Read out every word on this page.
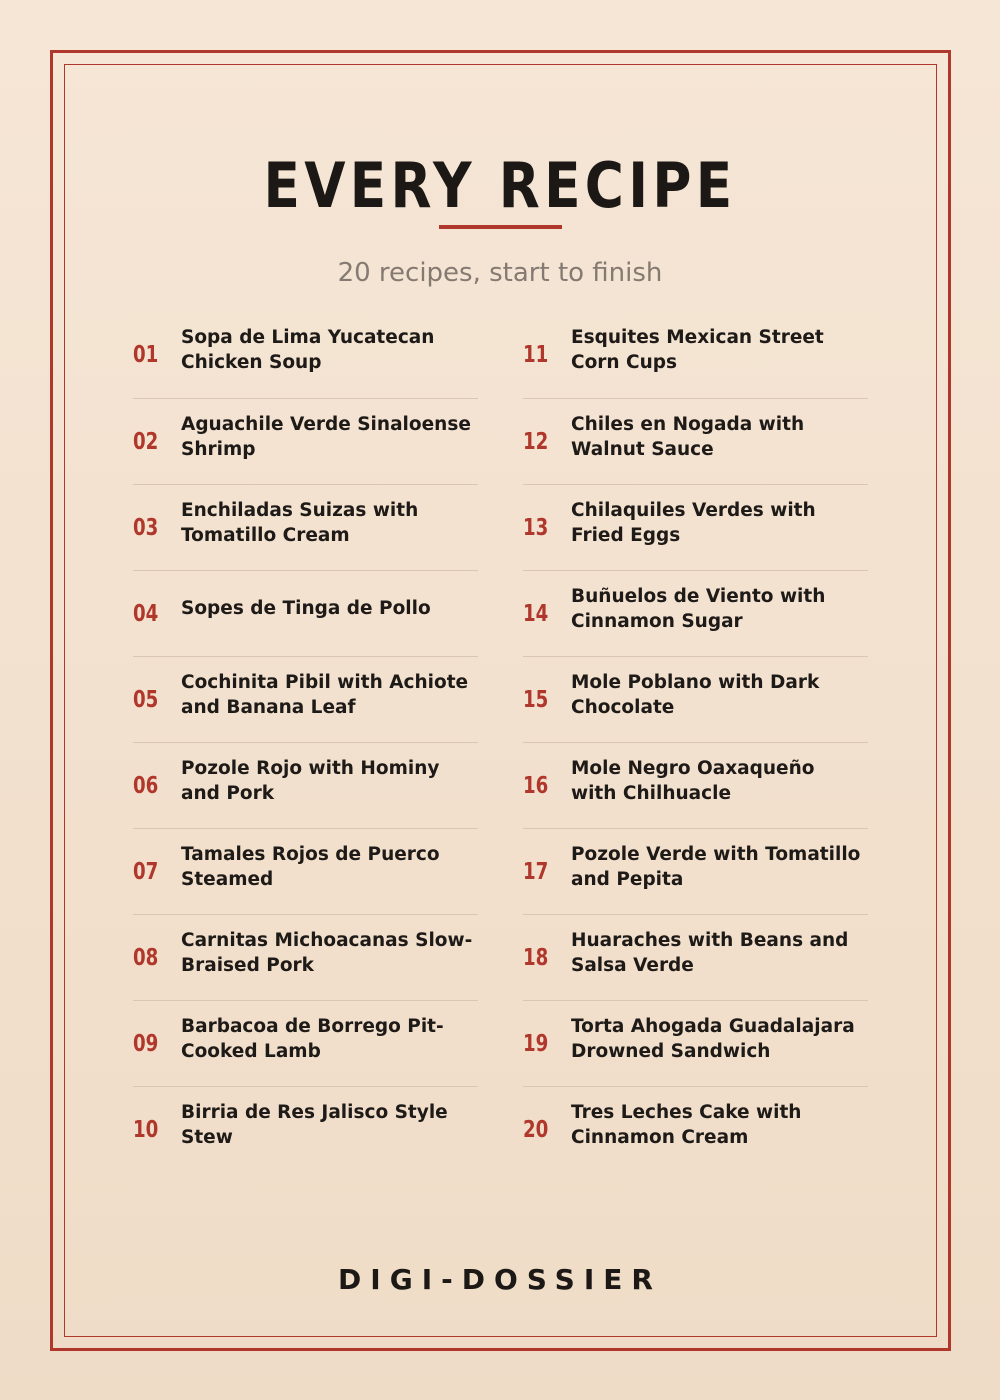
EVERY RECIPE
20 recipes, start to finish
01
Sopa de Lima Yucatecan Chicken Soup
02
Aguachile Verde Sinaloense Shrimp
03
Enchiladas Suizas with Tomatillo Cream
04	Sopes de Tinga de Pollo
05
Cochinita Pibil with Achiote and Banana Leaf
06
Pozole Rojo with Hominy and Pork
07
Tamales Rojos de Puerco Steamed
08
Carnitas Michoacanas Slow-Braised Pork
09
Barbacoa de Borrego Pit-Cooked Lamb
10
Birria de Res Jalisco Style Stew
11
Esquites Mexican Street Corn Cups
12
Chiles en Nogada with Walnut Sauce
13
Chilaquiles Verdes with Fried Eggs
14
Buñuelos de Viento with Cinnamon Sugar
15
Mole Poblano with Dark Chocolate
16
Mole Negro Oaxaqueño with Chilhuacle
17
Pozole Verde with Tomatillo and Pepita
18
Huaraches with Beans and Salsa Verde
19
Torta Ahogada Guadalajara Drowned Sandwich
20
Tres Leches Cake with Cinnamon Cream
DIGI-DOSSIER
